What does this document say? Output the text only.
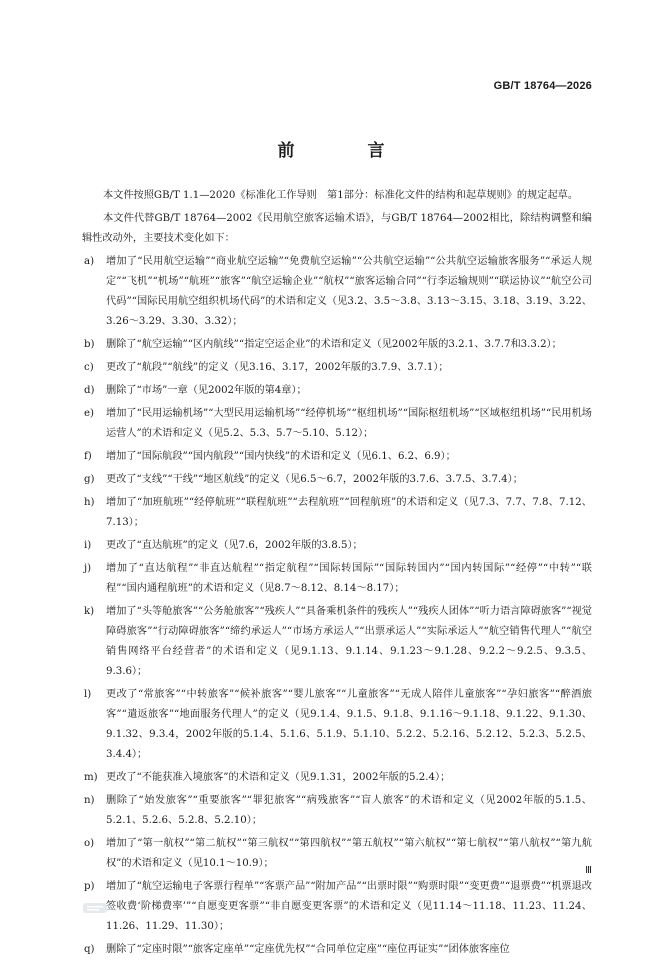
GB/T 18764—2026
前　言

本文件按照GB/T 1.1—2020《标准化工作导则　第1部分：标准化文件的结构和起草规则》的规定起草。

本文件代替GB/T 18764—2002《民用航空旅客运输术语》，与GB/T 18764—2002相比，除结构调整和编辑性改动外，主要技术变化如下：

a)	增加了“民用航空运输”“商业航空运输”“免费航空运输”“公共航空运输”“公共航空运输旅客服务”“承运人规定”“飞机”“机场”“航班”“旅客”“航空运输企业”“航权”“旅客运输合同”“行李运输规则”“联运协议”“航空公司代码”“国际民用航空组织机场代码”的术语和定义（见3.2、3.5～3.8、3.13～3.15、3.18、3.19、3.22、3.26～3.29、3.30、3.32）；
b)	删除了“航空运输”“区内航线”“指定空运企业”的术语和定义（见2002年版的3.2.1、3.7.7和3.3.2）；
c)	更改了“航段”“航线”的定义（见3.16、3.17，2002年版的3.7.9、3.7.1）；
d)	删除了“市场”一章（见2002年版的第4章）；
e)	增加了“民用运输机场”“大型民用运输机场”“经停机场”“枢纽机场”“国际枢纽机场”“区域枢纽机场”“民用机场运营人”的术语和定义（见5.2、5.3、5.7～5.10、5.12）；
f)	增加了“国际航段”“国内航段”“国内快线”的术语和定义（见6.1、6.2、6.9）；
g)	更改了“支线”“干线”“地区航线”的定义（见6.5～6.7，2002年版的3.7.6、3.7.5、3.7.4）；
h)	增加了“加班航班”“经停航班”“联程航班”“去程航班”“回程航班”的术语和定义（见7.3、7.7、7.8、7.12、7.13）；
i)	更改了“直达航班”的定义（见7.6，2002年版的3.8.5）；
j)	增加了“直达航程”“非直达航程”“指定航程”“国际转国际”“国际转国内”“国内转国际”“经停”“中转”“联程”“国内通程航班”的术语和定义（见8.7～8.12、8.14～8.17）；
k)	增加了“头等舱旅客”“公务舱旅客”“残疾人”“具备乘机条件的残疾人”“残疾人团体”“听力语言障碍旅客”“视觉障碍旅客”“行动障碍旅客”“缔约承运人”“市场方承运人”“出票承运人”“实际承运人”“航空销售代理人”“航空销售网络平台经营者”的术语和定义（见9.1.13、9.1.14、9.1.23～9.1.28、9.2.2～9.2.5、9.3.5、9.3.6）；
l)	更改了“常旅客”“中转旅客”“候补旅客”“婴儿旅客”“儿童旅客”“无成人陪伴儿童旅客”“孕妇旅客”“醉酒旅客”“遣返旅客”“地面服务代理人”的定义（见9.1.4、9.1.5、9.1.8、9.1.16～9.1.18、9.1.22、9.1.30、9.1.32、9.3.4，2002年版的5.1.4、5.1.6、5.1.9、5.1.10、5.2.2、5.2.16、5.2.12、5.2.3、5.2.5、3.4.4）；
m) 更改了“不能获准入境旅客”的术语和定义（见9.1.31，2002年版的5.2.4）；
n)	删除了“始发旅客”“重要旅客”“罪犯旅客”“病残旅客”“盲人旅客”的术语和定义（见2002年版的5.1.5、5.2.1、5.2.6、5.2.8、5.2.10）；
o)	增加了“第一航权”“第二航权”“第三航权”“第四航权”“第五航权”“第六航权”“第七航权”“第八航权”“第九航权”的术语和定义（见10.1～10.9）；
p)	增加了“航空运输电子客票行程单”“客票产品”“附加产品”“出票时限”“购票时限”“变更费”“退票费”“机票退改签收费‘阶梯费率’”“自愿变更客票”“非自愿变更客票”的术语和定义（见11.14～11.18、11.23、11.24、11.26、11.29、11.30）；
q)	删除了“定座时限”“旅客定座单”“定座优先权”“合同单位定座”“座位再证实”“团体旅客座位
Ⅲ
